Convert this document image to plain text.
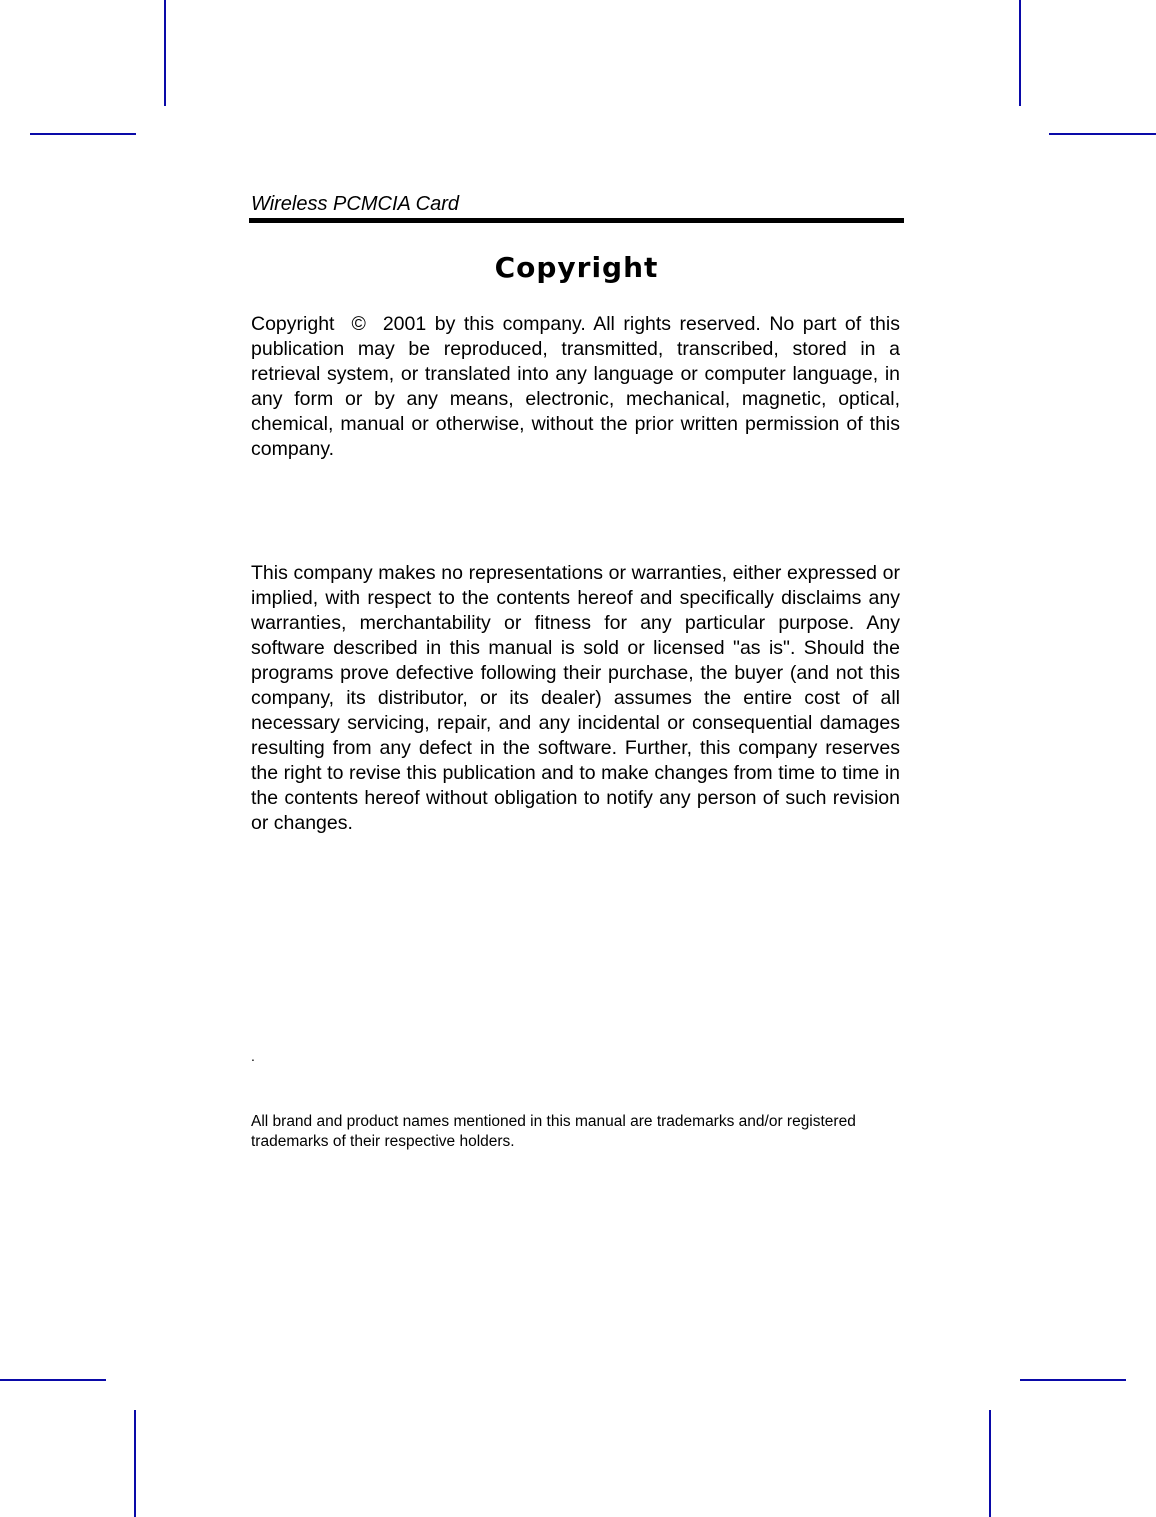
Wireless PCMCIA Card
Copyright
Copyright  ©  2001 by this company. All rights reserved. No part of this publication may be reproduced, transmitted, transcribed, stored in a retrieval system, or translated into any language or computer language, in any form or by any means, electronic, mechanical, magnetic, optical, chemical, manual or otherwise, without the prior written permission of this company.
This company makes no representations or warranties, either expressed or implied, with respect to the contents hereof and specifically disclaims any warranties, merchantability or fitness for any particular purpose. Any software described in this manual is sold or licensed "as is". Should the programs prove defective following their purchase, the buyer (and not this company, its distributor, or its dealer) assumes the entire cost of all necessary servicing, repair, and any incidental or consequential damages resulting from any defect in the software. Further, this company reserves the right to revise this publication and to make changes from time to time in the contents hereof without obligation to notify any person of such revision or changes.
.
All brand and product names mentioned in this manual are trademarks and/or registered trademarks of their respective holders.
